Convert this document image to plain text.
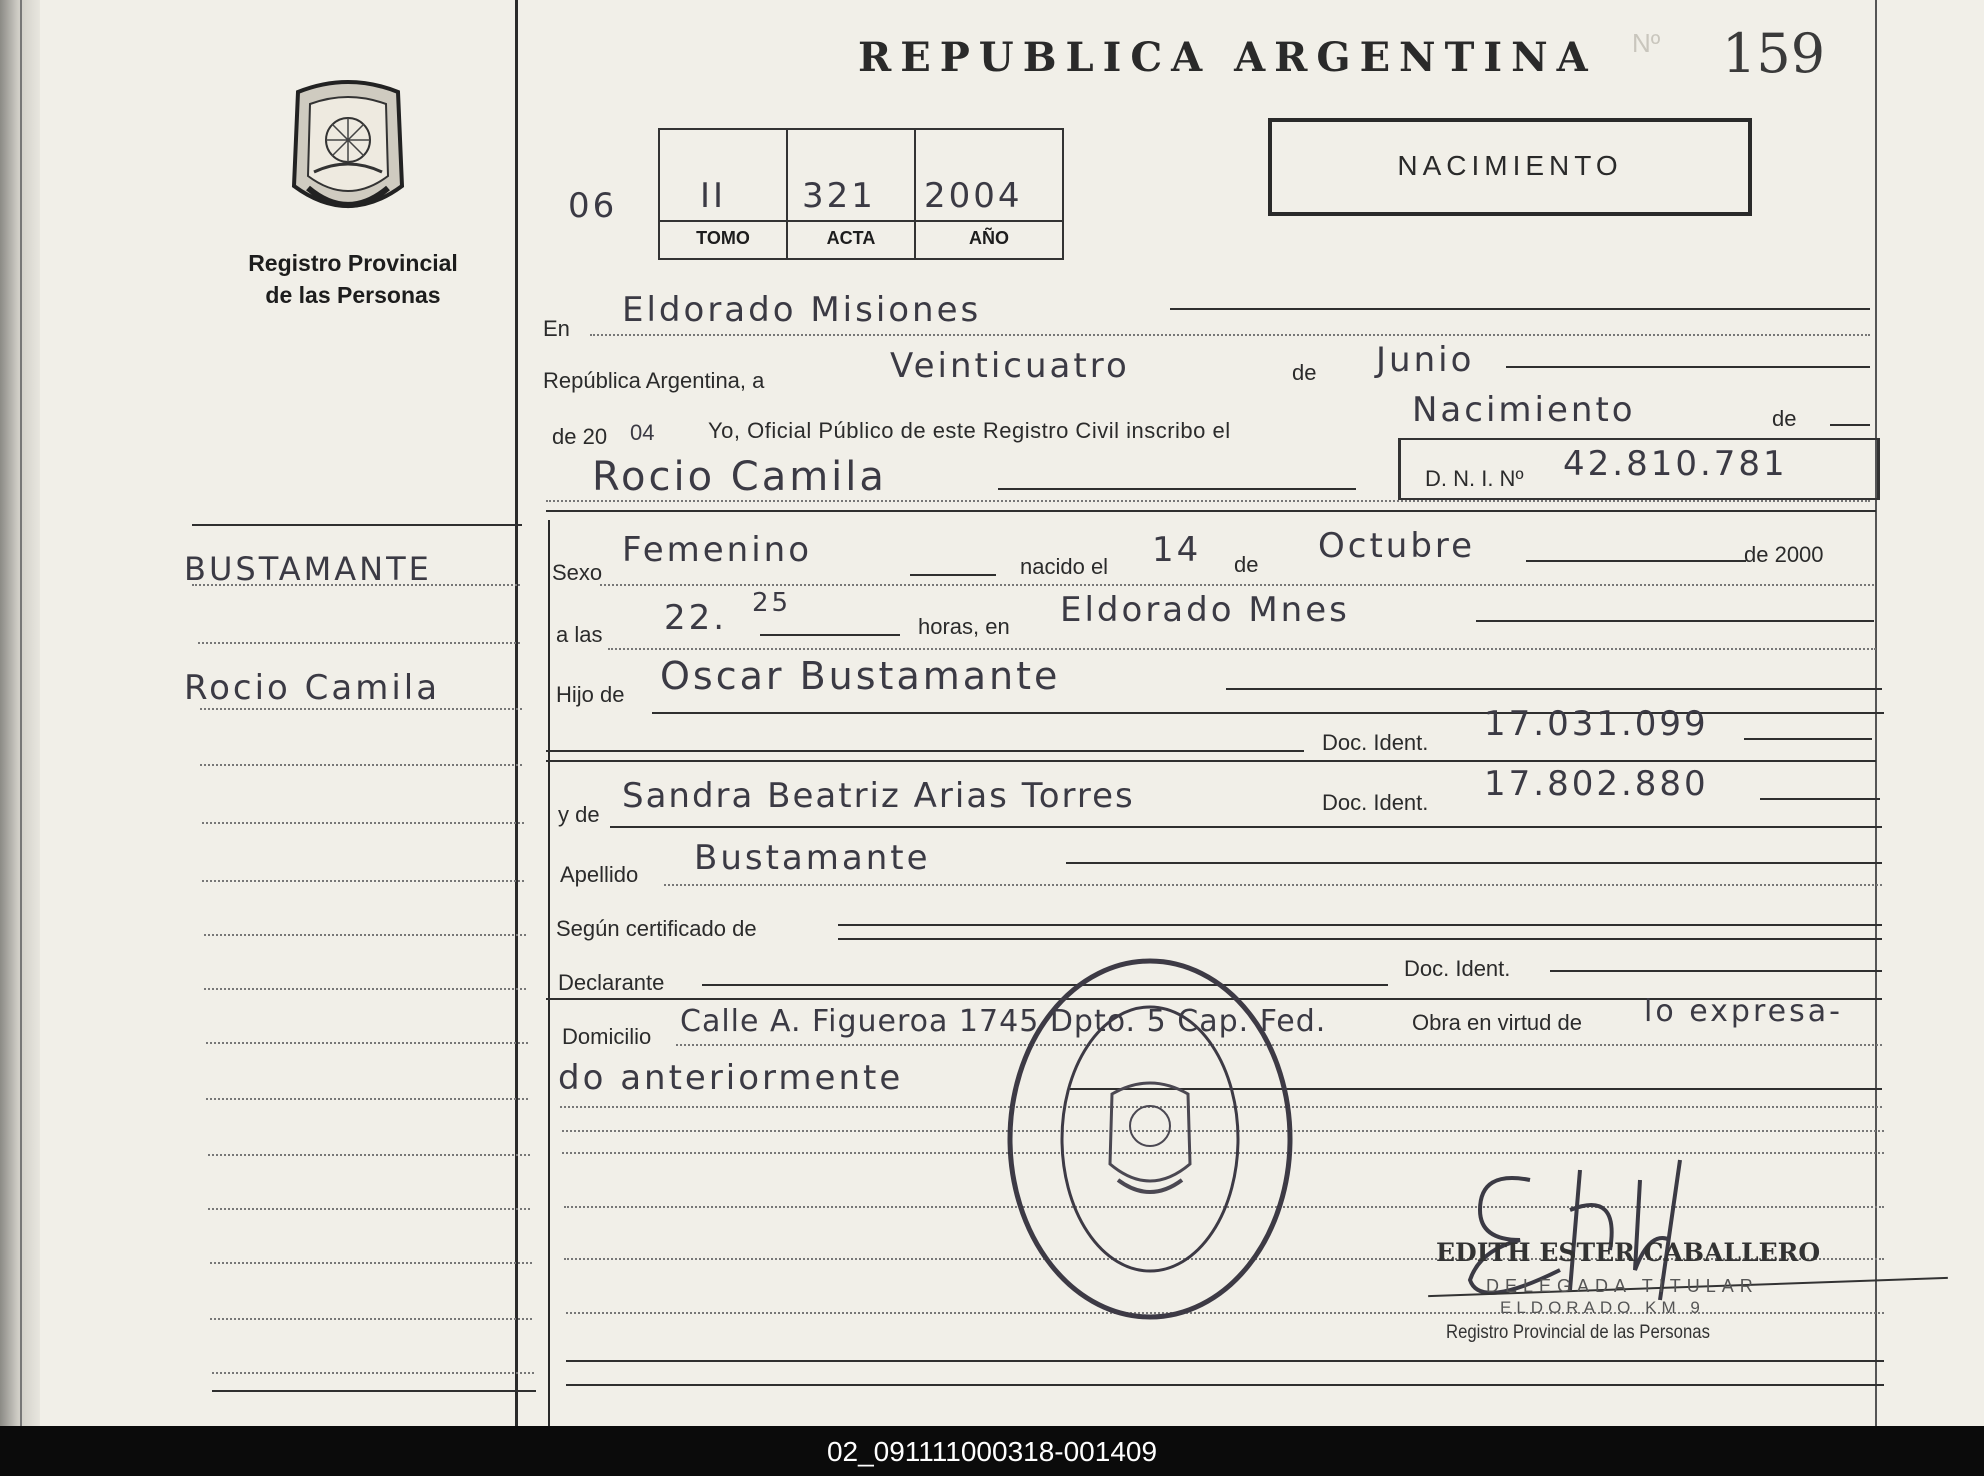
REPUBLICA ARGENTINA Nº 159
Registro Provincial
de las Personas
06 II 321 2004
TOMO	ACTA	AÑO
NACIMIENTO
En Eldorado Misiones
República Argentina, a	Veinticuatro	de Junio
de 20 04 Yo, Oficial Público de este Registro Civil inscribo el
Nacimiento	de
Rocio Camila	D. N. I. Nº 42.810.781
BUSTAMANTE
Rocio Camila
Sexo
Femenino	nacido el 14 de Octubre	de 2000
a las 22. 25
horas, en Eldorado Mnes
Hijo de Oscar Bustamante
Doc. Ident. 17.031.099
y de Sandra Beatriz Arias Torres	Doc. Ident. 17.802.880
Apellido Bustamante
Según certificado de
Declarante
Doc. Ident.
Domicilio Calle A. Figueroa 1745 Dpto. 5 Cap. Fed.	Obra en virtud de lo expresa-
do anteriormente
EDITH ESTER CABALLERO
DELEGADA TITULAR
ELDORADO KM 9
Registro Provincial de las Personas
02_091111000318-001409
